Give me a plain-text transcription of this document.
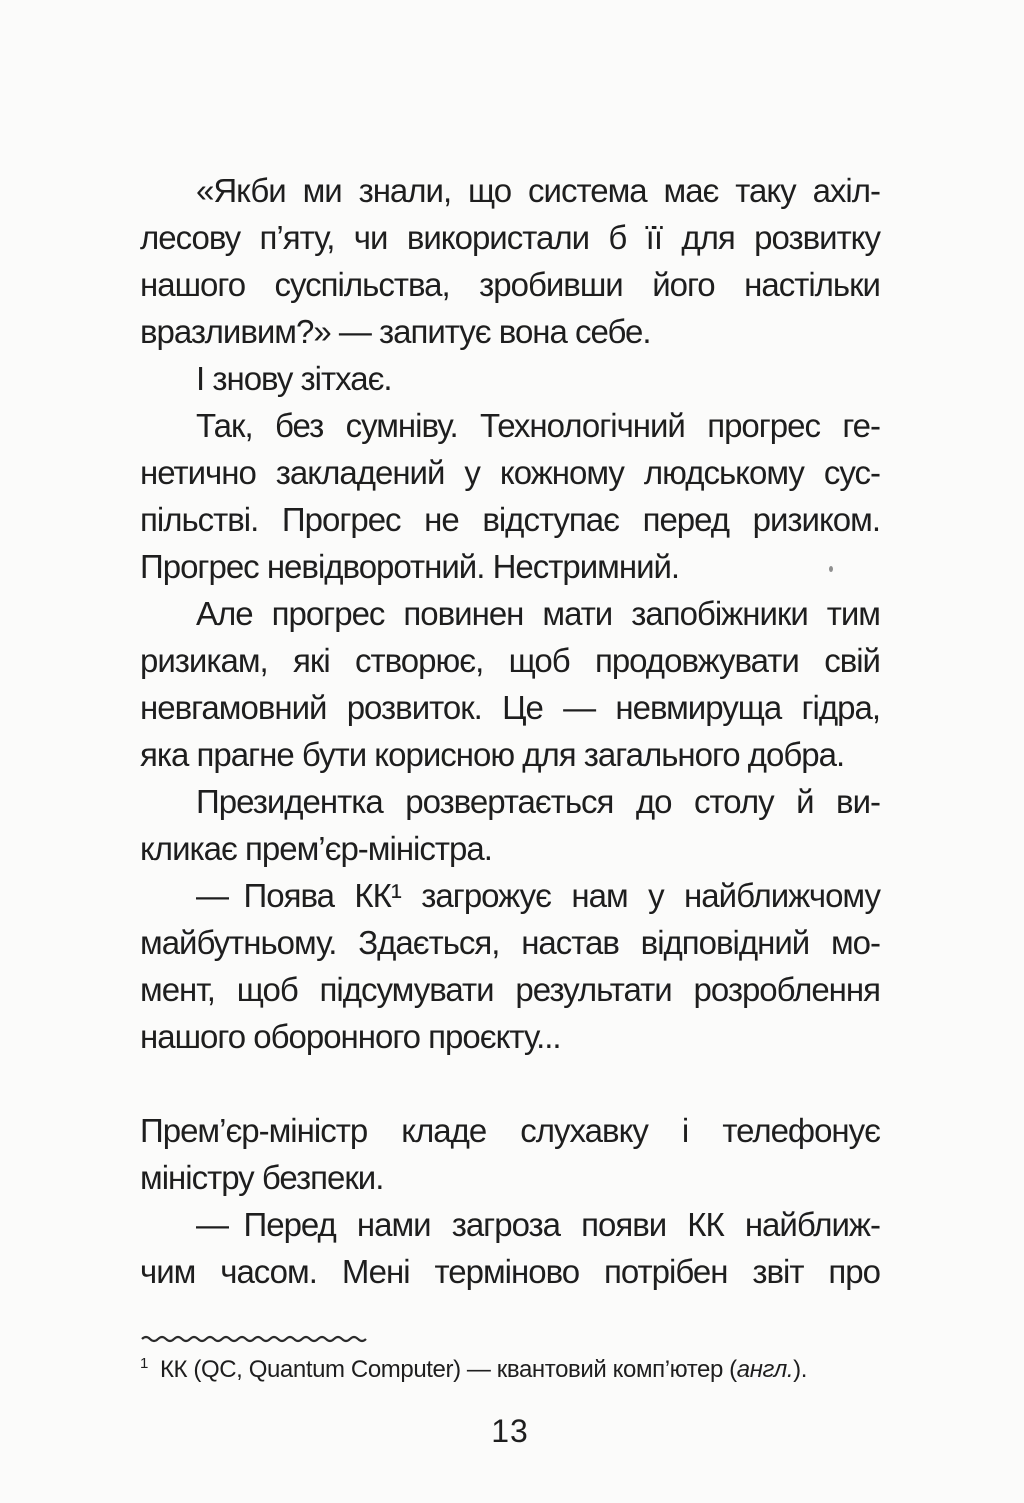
«Якби ми знали, що система має таку ахіл-
лесову п’яту, чи використали б її для розвитку
нашого суспільства, зробивши його настільки
вразливим?» — запитує вона себе.
І знову зітхає.
Так, без сумніву. Технологічний прогрес ге-
нетично закладений у кожному людському сус-
пільстві. Прогрес не відступає перед ризиком.
Прогрес невідворотний. Нестримний.
Але прогрес повинен мати запобіжники тим
ризикам, які створює, щоб продовжувати свій
невгамовний розвиток. Це — невмируща гідра,
яка прагне бути корисною для загального добра.
Президентка розвертається до столу й ви-
кликає прем’єр-міністра.
— Поява КК¹ загрожує нам у найближчому
майбутньому. Здається, настав відповідний мо-
мент, щоб підсумувати результати розроблення
нашого оборонного проєкту...
Прем’єр-міністр кладе слухавку і телефонує
міністру безпеки.
— Перед нами загроза появи КК найближ-
чим часом. Мені терміново потрібен звіт про
$^1$ КК (QC, Quantum Computer) — квантовий комп’ютер (англ.).
13
